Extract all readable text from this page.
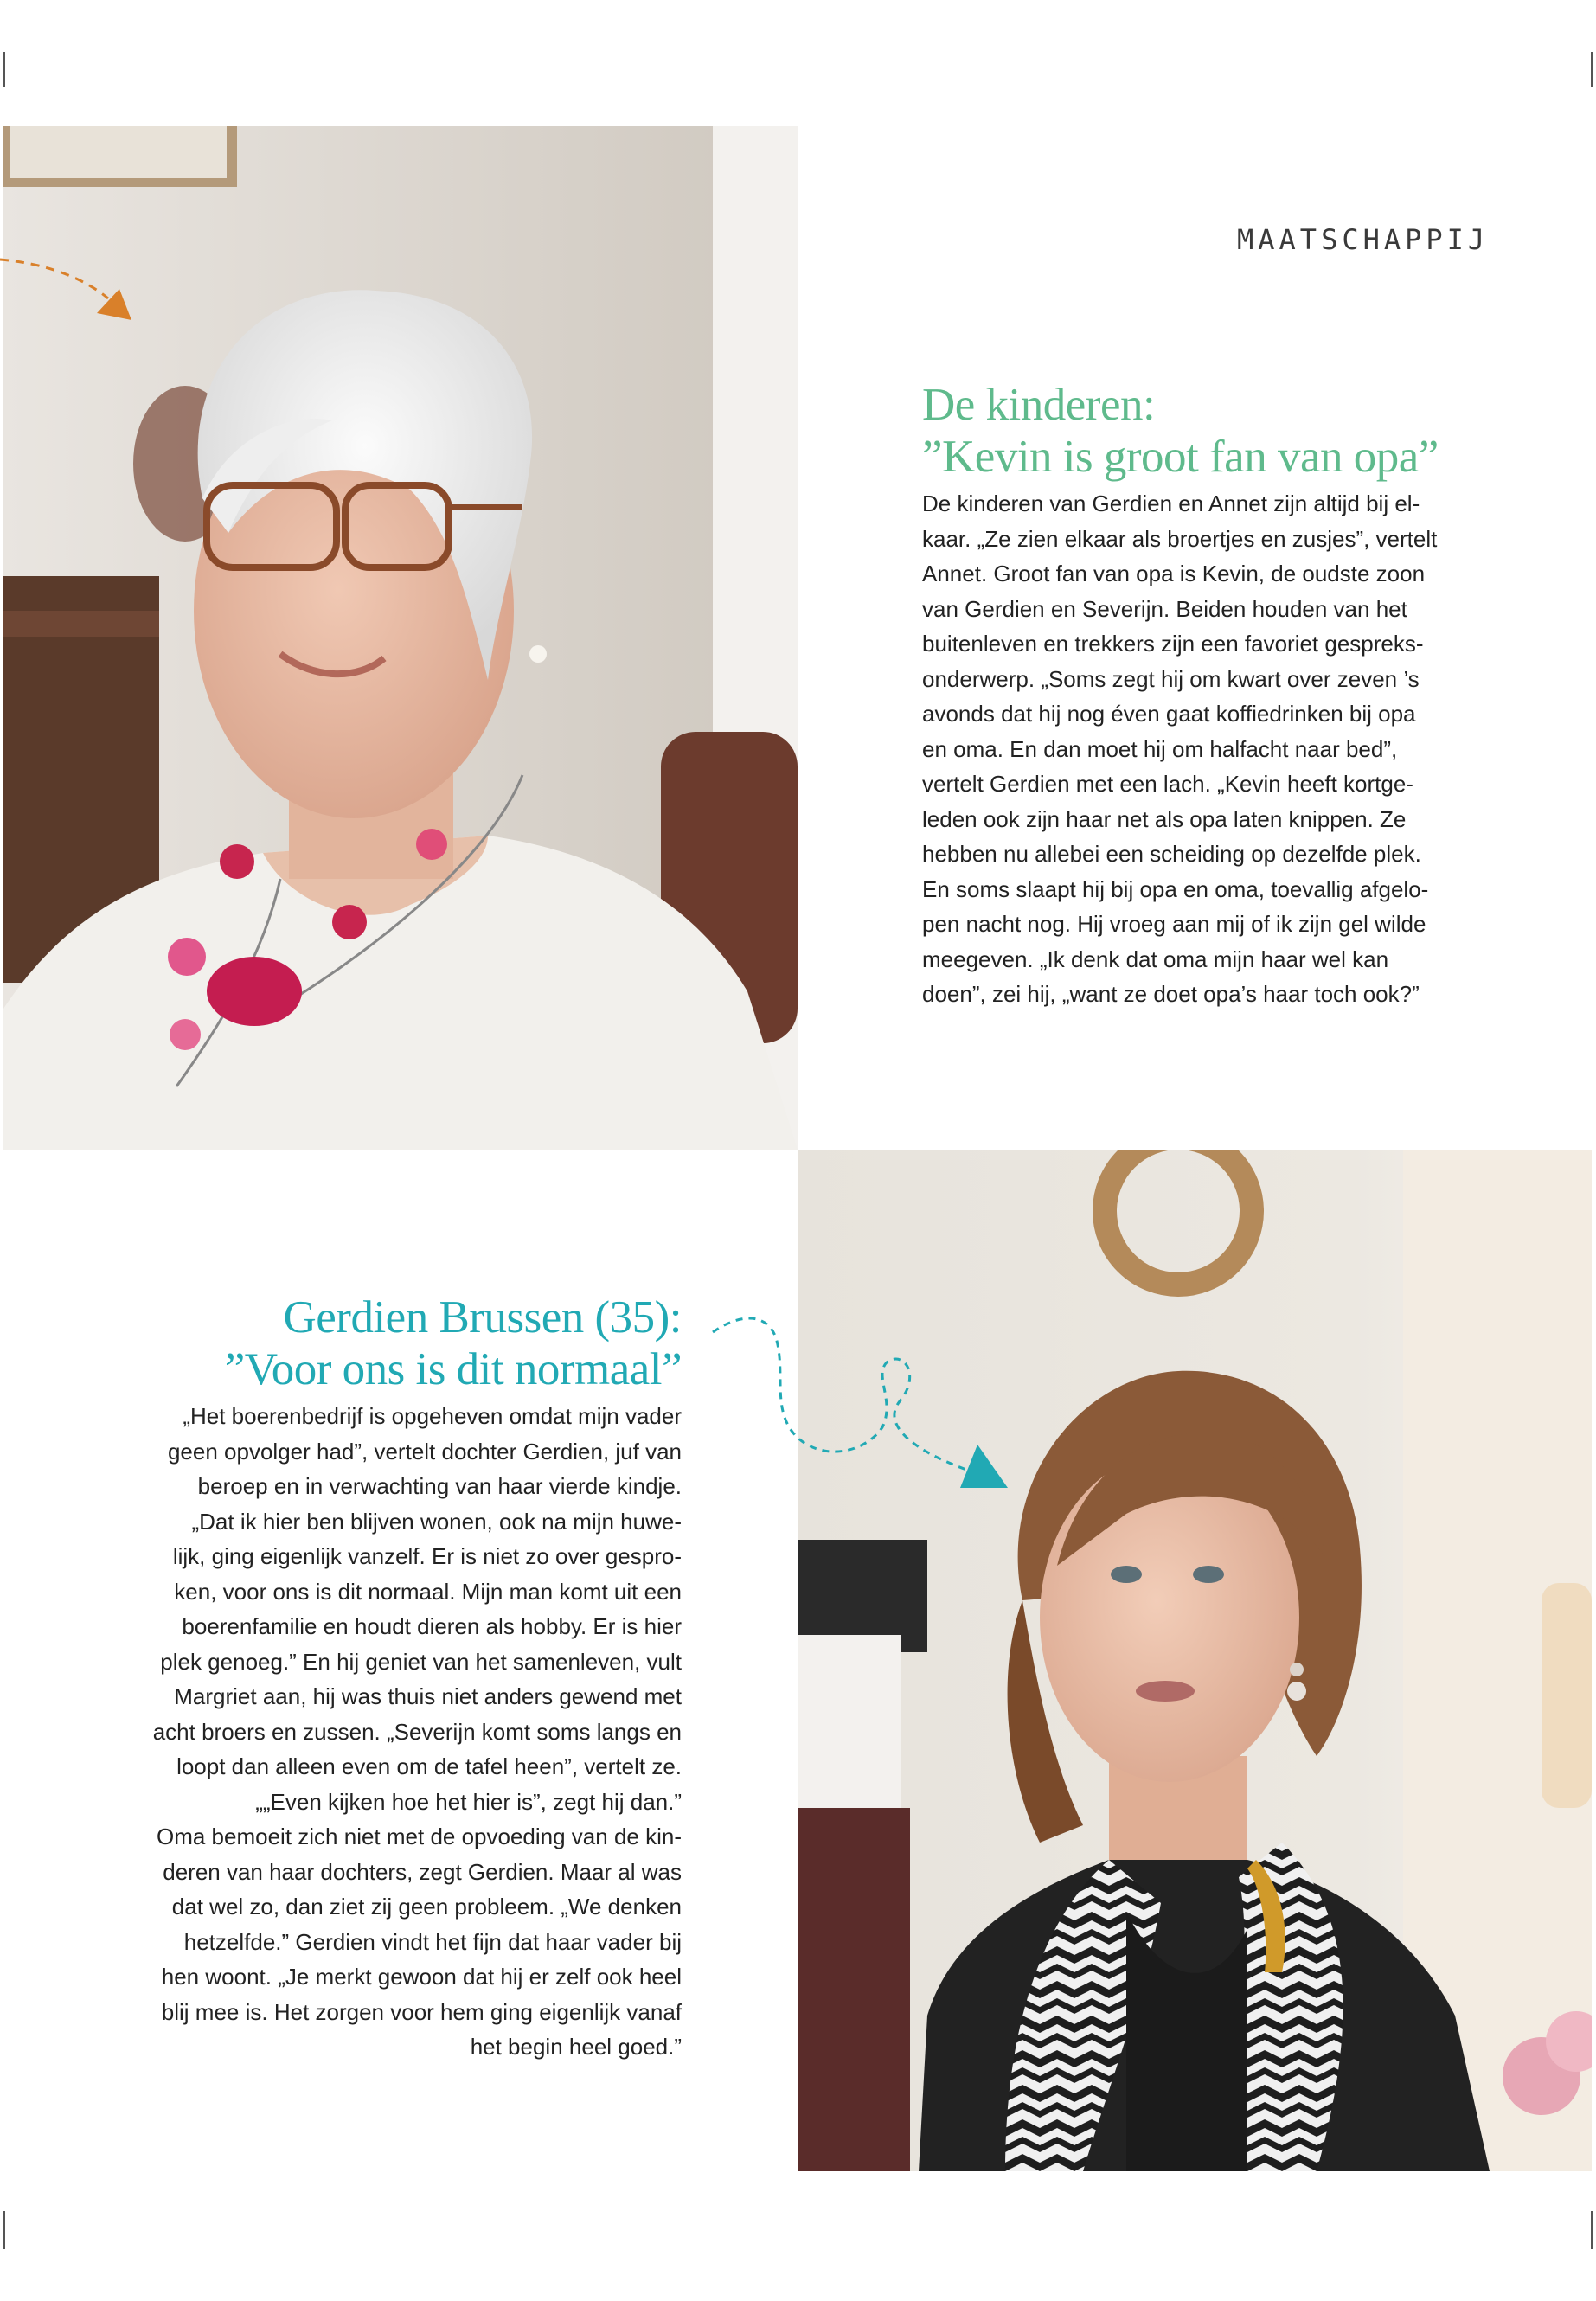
MAATSCHAPPIJ
De kinderen:
”Kevin is groot fan van opa”
De kinderen van Gerdien en Annet zijn altijd bij el-
kaar. „Ze zien elkaar als broertjes en zusjes”, vertelt
Annet. Groot fan van opa is Kevin, de oudste zoon
van Gerdien en Severijn. Beiden houden van het
buitenleven en trekkers zijn een favoriet gespreks-
onderwerp. „Soms zegt hij om kwart over zeven ’s
avonds dat hij nog éven gaat koffiedrinken bij opa
en oma. En dan moet hij om halfacht naar bed”,
vertelt Gerdien met een lach. „Kevin heeft kortge-
leden ook zijn haar net als opa laten knippen. Ze
hebben nu allebei een scheiding op dezelfde plek.
En soms slaapt hij bij opa en oma, toevallig afgelo-
pen nacht nog. Hij vroeg aan mij of ik zijn gel wilde
meegeven. „Ik denk dat oma mijn haar wel kan
doen”, zei hij, „want ze doet opa’s haar toch ook?”
Gerdien Brussen (35):
”Voor ons is dit normaal”
„Het boerenbedrijf is opgeheven omdat mijn vader
geen opvolger had”, vertelt dochter Gerdien, juf van
beroep en in verwachting van haar vierde kindje.
„Dat ik hier ben blijven wonen, ook na mijn huwe-
lijk, ging eigenlijk vanzelf. Er is niet zo over gespro-
ken, voor ons is dit normaal. Mijn man komt uit een
boerenfamilie en houdt dieren als hobby. Er is hier
plek genoeg.” En hij geniet van het samenleven, vult
Margriet aan, hij was thuis niet anders gewend met
acht broers en zussen. „Severijn komt soms langs en
loopt dan alleen even om de tafel heen”, vertelt ze.
„„Even kijken hoe het hier is”, zegt hij dan.”
Oma bemoeit zich niet met de opvoeding van de kin-
deren van haar dochters, zegt Gerdien. Maar al was
dat wel zo, dan ziet zij geen probleem. „We denken
hetzelfde.” Gerdien vindt het fijn dat haar vader bij
hen woont. „Je merkt gewoon dat hij er zelf ook heel
blij mee is. Het zorgen voor hem ging eigenlijk vanaf
het begin heel goed.”
